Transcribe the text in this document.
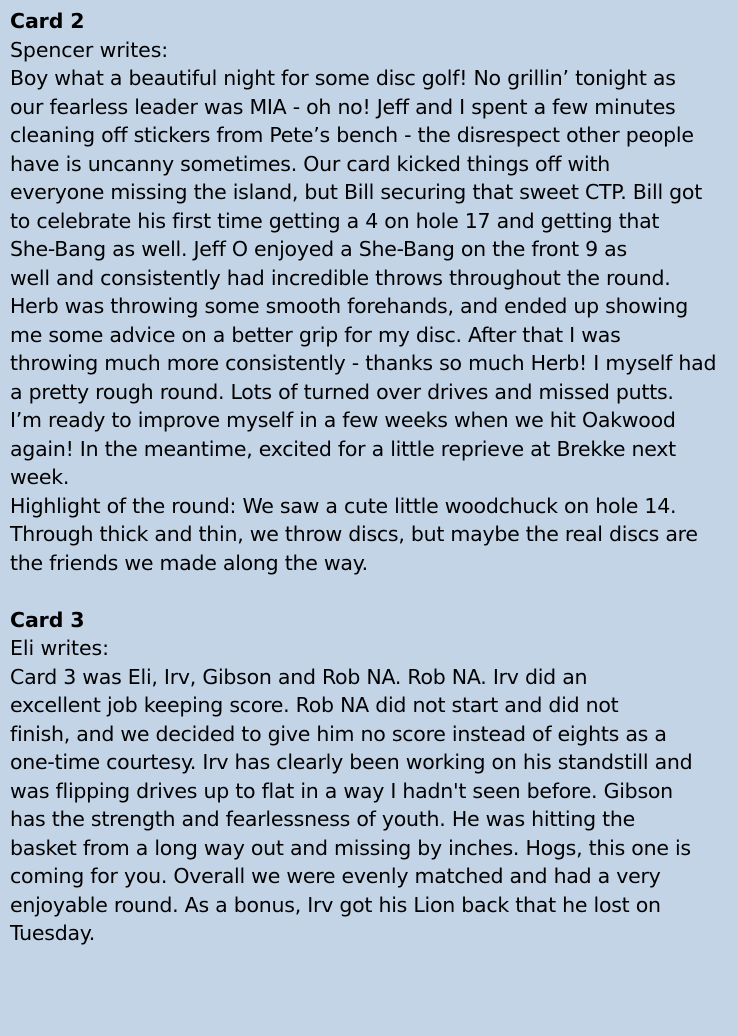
Card 2

Spencer writes:

Boy what a beautiful night for some disc golf! No grillin’ tonight as
our fearless leader was MIA - oh no! Jeff and I spent a few minutes
cleaning off stickers from Pete’s bench - the disrespect other people
have is uncanny sometimes. Our card kicked things off with
everyone missing the island, but Bill securing that sweet CTP. Bill got
to celebrate his first time getting a 4 on hole 17 and getting that
She-Bang as well. Jeff O enjoyed a She-Bang on the front 9 as
well and consistently had incredible throws throughout the round.
Herb was throwing some smooth forehands, and ended up showing
me some advice on a better grip for my disc. After that I was
throwing much more consistently - thanks so much Herb! I myself had
a pretty rough round. Lots of turned over drives and missed putts.
I’m ready to improve myself in a few weeks when we hit Oakwood
again! In the meantime, excited for a little reprieve at Brekke next
week.
Highlight of the round: We saw a cute little woodchuck on hole 14.
Through thick and thin, we throw discs, but maybe the real discs are
the friends we made along the way.

Card 3

Eli writes:

Card 3 was Eli, Irv, Gibson and Rob NA. Rob NA. Irv did an
excellent job keeping score. Rob NA did not start and did not
finish, and we decided to give him no score instead of eights as a
one-time courtesy. Irv has clearly been working on his standstill and
was flipping drives up to flat in a way I hadn't seen before. Gibson
has the strength and fearlessness of youth. He was hitting the
basket from a long way out and missing by inches. Hogs, this one is
coming for you. Overall we were evenly matched and had a very
enjoyable round. As a bonus, Irv got his Lion back that he lost on
Tuesday.
